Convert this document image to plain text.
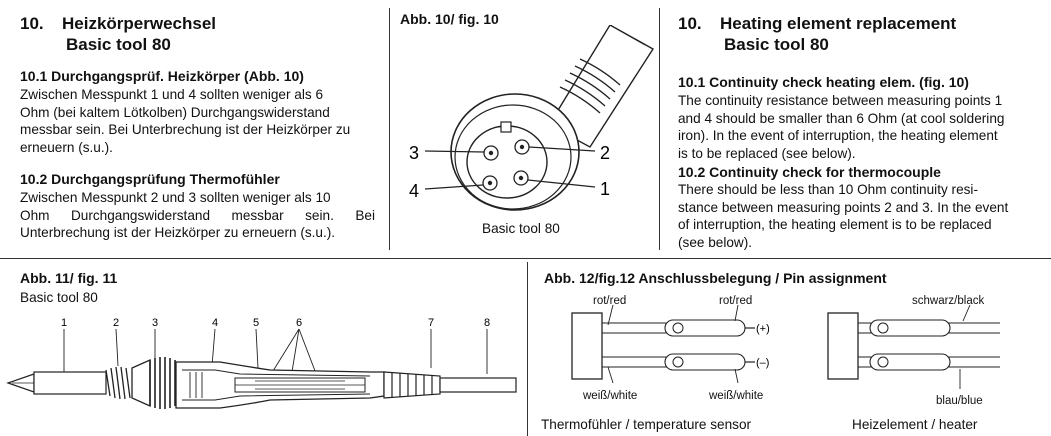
10. Heizkörperwechsel
Basic tool 80
10.1 Durchgangsprüf. Heizkörper (Abb. 10)
Zwischen Messpunkt 1 und 4 sollten weniger als 6
Ohm (bei kaltem Lötkolben) Durchgangswiderstand
messbar sein. Bei Unterbrechung ist der Heizkörper zu
erneuern (s.u.).
10.2 Durchgangsprüfung Thermofühler
Zwischen Messpunkt 2 und 3 sollten weniger als 10
Ohm Durchgangswiderstand messbar sein. Bei
Unterbrechung ist der Heizkörper zu erneuern (s.u.).
Abb. 10/ fig. 10
3
4
2
1
Basic tool 80
10. Heating element replacement
Basic tool 80
10.1 Continuity check heating elem. (fig. 10)
The continuity resistance between measuring points 1
and 4 should be smaller than 6 Ohm (at cool soldering
iron). In the event of interruption, the heating element
is to be replaced (see below).
10.2 Continuity check for thermocouple
There should be less than 10 Ohm continuity resi-
stance between measuring points 2 and 3. In the event
of interruption, the heating element is to be replaced
(see below).
Abb. 11/ fig. 11
Basic tool 80
1	2	3	4	5	6	7	8
Abb. 12/fig.12 Anschlussbelegung / Pin assignment
rot/red	rot/red	schwarz/black
(+)
(–)
weiß/white	weiß/white	blau/blue
Thermofühler / temperature sensor	Heizelement / heater
